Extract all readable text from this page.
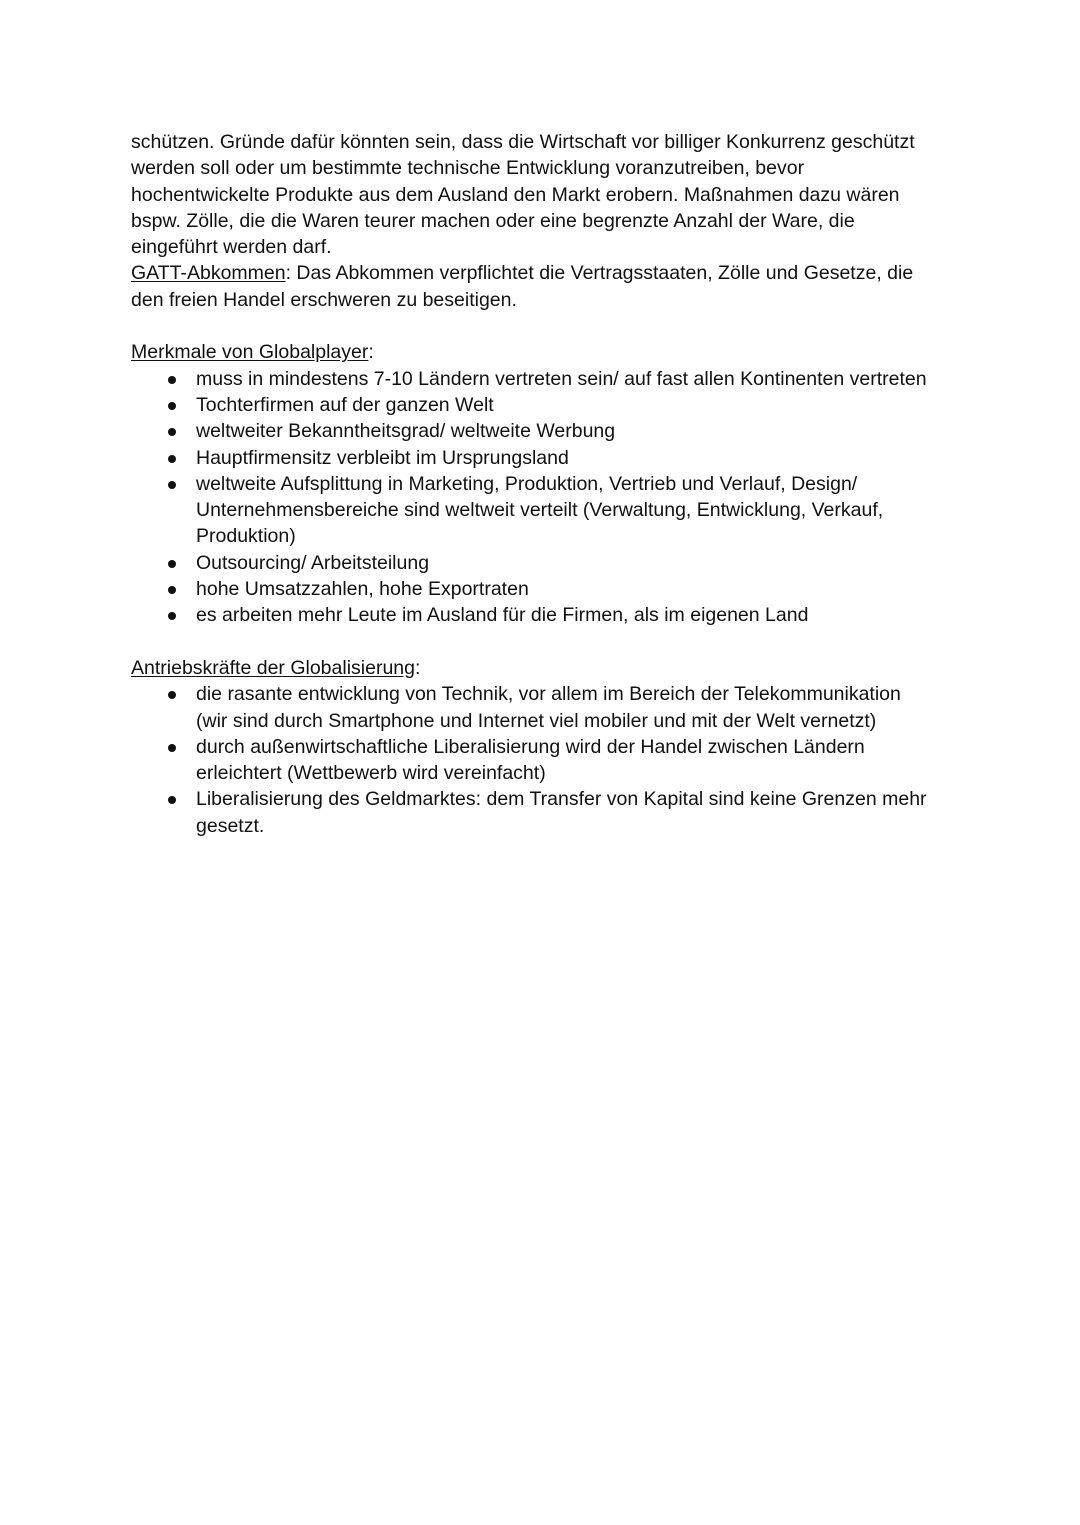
schützen. Gründe dafür könnten sein, dass die Wirtschaft vor billiger Konkurrenz geschützt
werden soll oder um bestimmte technische Entwicklung voranzutreiben, bevor
hochentwickelte Produkte aus dem Ausland den Markt erobern. Maßnahmen dazu wären
bspw. Zölle, die die Waren teurer machen oder eine begrenzte Anzahl der Ware, die
eingeführt werden darf.

GATT-Abkommen: Das Abkommen verpflichtet die Vertragsstaaten, Zölle und Gesetze, die
den freien Handel erschweren zu beseitigen.

Merkmale von Globalplayer:

muss in mindestens 7-10 Ländern vertreten sein/ auf fast allen Kontinenten vertreten
Tochterfirmen auf der ganzen Welt
weltweiter Bekanntheitsgrad/ weltweite Werbung
Hauptfirmensitz verbleibt im Ursprungsland
weltweite Aufsplittung in Marketing, Produktion, Vertrieb und Verlauf, Design/
Unternehmensbereiche sind weltweit verteilt (Verwaltung, Entwicklung, Verkauf,
Produktion)
Outsourcing/ Arbeitsteilung
hohe Umsatzzahlen, hohe Exportraten
es arbeiten mehr Leute im Ausland für die Firmen, als im eigenen Land

Antriebskräfte der Globalisierung:

die rasante entwicklung von Technik, vor allem im Bereich der Telekommunikation
(wir sind durch Smartphone und Internet viel mobiler und mit der Welt vernetzt)
durch außenwirtschaftliche Liberalisierung wird der Handel zwischen Ländern
erleichtert (Wettbewerb wird vereinfacht)
Liberalisierung des Geldmarktes: dem Transfer von Kapital sind keine Grenzen mehr
gesetzt.
